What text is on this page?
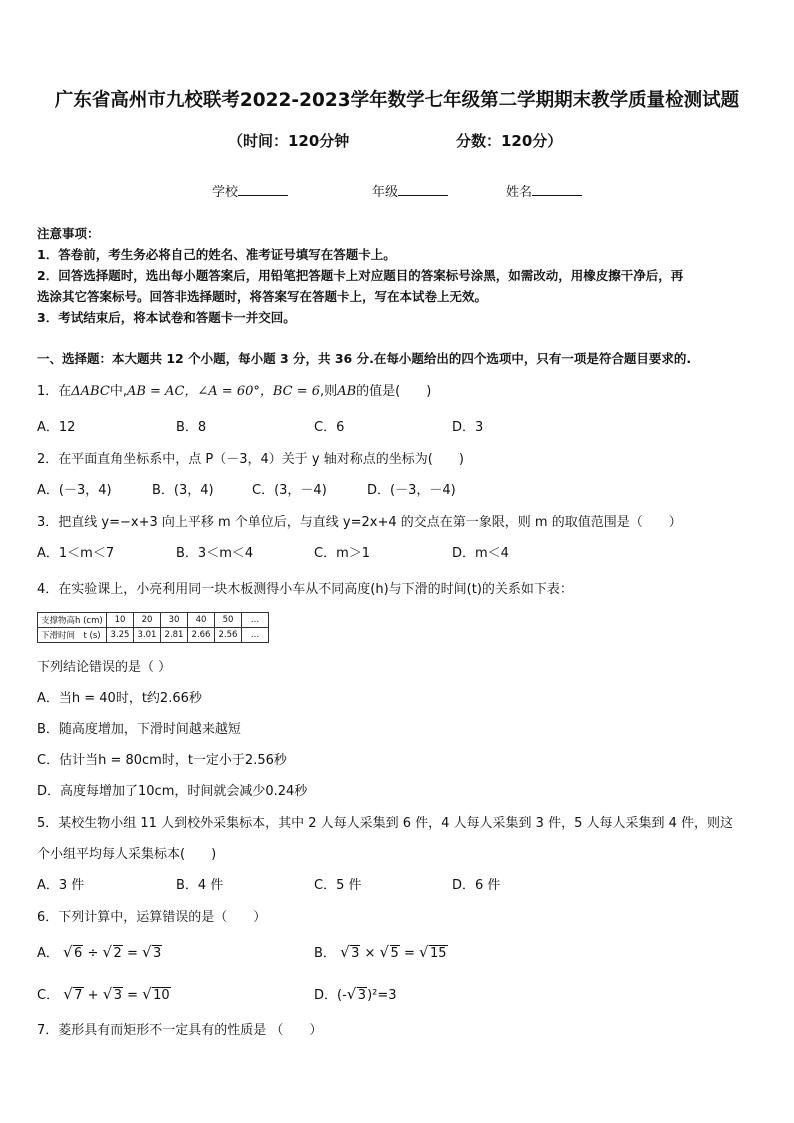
广东省高州市九校联考2022-2023学年数学七年级第二学期期末教学质量检测试题
（时间：120分钟	分数：120分）
学校	年级	姓名
注意事项：
1．答卷前，考生务必将自己的姓名、准考证号填写在答题卡上。
2．回答选择题时，选出每小题答案后，用铅笔把答题卡上对应题目的答案标号涂黑，如需改动，用橡皮擦干净后，再
选涂其它答案标号。回答非选择题时，将答案写在答题卡上，写在本试卷上无效。
3．考试结束后，将本试卷和答题卡一并交回。
一、选择题：本大题共 12 个小题，每小题 3 分，共 36 分.在每小题给出的四个选项中，只有一项是符合题目要求的.
1．在ΔABC中,AB = AC，∠A = 60°，BC = 6,则AB的值是(　　)
A．12	B．8	C．6	D．3
2．在平面直角坐标系中，点 P（－3，4）关于 y 轴对称点的坐标为(　　)
A．(－3，4)	B．(3，4)	C．(3，－4)	D．(－3，－4)
3．把直线 y=−x+3 向上平移 m 个单位后，与直线 y=2x+4 的交点在第一象限，则 m 的取值范围是（　　）
A．1＜m＜7	B．3＜m＜4	C．m＞1	D．m＜4
4．在实验课上，小亮利用同一块木板测得小车从不同高度(h)与下滑的时间(t)的关系如下表：
支撑物高h (cm)	10	20	30	40	50	…
下滑时间　t (s)	3.25	3.01	2.81	2.66	2.56	…
下列结论错误的是（ ）
A．当h = 40时，t约2.66秒
B．随高度增加，下滑时间越来越短
C．估计当h = 80cm时，t一定小于2.56秒
D．高度每增加了10cm，时间就会减少0.24秒
5．某校生物小组 11 人到校外采集标本，其中 2 人每人采集到 6 件，4 人每人采集到 3 件，5 人每人采集到 4 件，则这
个小组平均每人采集标本(　　)
A．3 件	B．4 件	C．5 件	D．6 件
6．下列计算中，运算错误的是（　　）
A． √ 6 ÷ √ 2 = √ 3	B． √ 3 × √ 5 = √ 15
C． √ 7 + √ 3 = √ 10	D．(- √ 3)²=3
7．菱形具有而矩形不一定具有的性质是 （　　）
